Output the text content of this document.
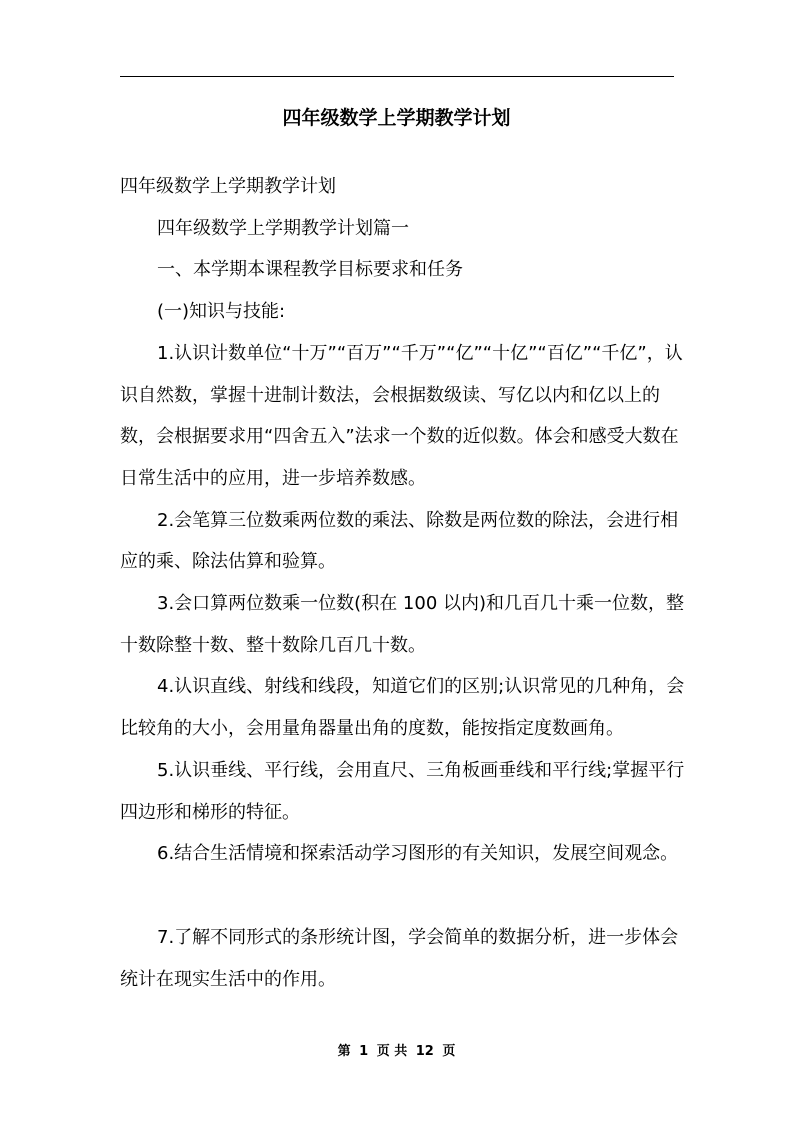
四年级数学上学期教学计划

四年级数学上学期教学计划

四年级数学上学期教学计划篇一

一、本学期本课程教学目标要求和任务

(一)知识与技能:

1.认识计数单位“十万”“百万”“千万”“亿”“十亿”“百亿”“千亿”，认识自然数，掌握十进制计数法，会根据数级读、写亿以内和亿以上的数，会根据要求用“四舍五入”法求一个数的近似数。体会和感受大数在日常生活中的应用，进一步培养数感。

2.会笔算三位数乘两位数的乘法、除数是两位数的除法，会进行相应的乘、除法估算和验算。

3.会口算两位数乘一位数(积在 100 以内)和几百几十乘一位数，整十数除整十数、整十数除几百几十数。

4.认识直线、射线和线段，知道它们的区别;认识常见的几种角，会比较角的大小，会用量角器量出角的度数，能按指定度数画角。

5.认识垂线、平行线，会用直尺、三角板画垂线和平行线;掌握平行四边形和梯形的特征。

6.结合生活情境和探索活动学习图形的有关知识，发展空间观念。

7.了解不同形式的条形统计图，学会简单的数据分析，进一步体会统计在现实生活中的作用。

第 1 页 共 12 页
